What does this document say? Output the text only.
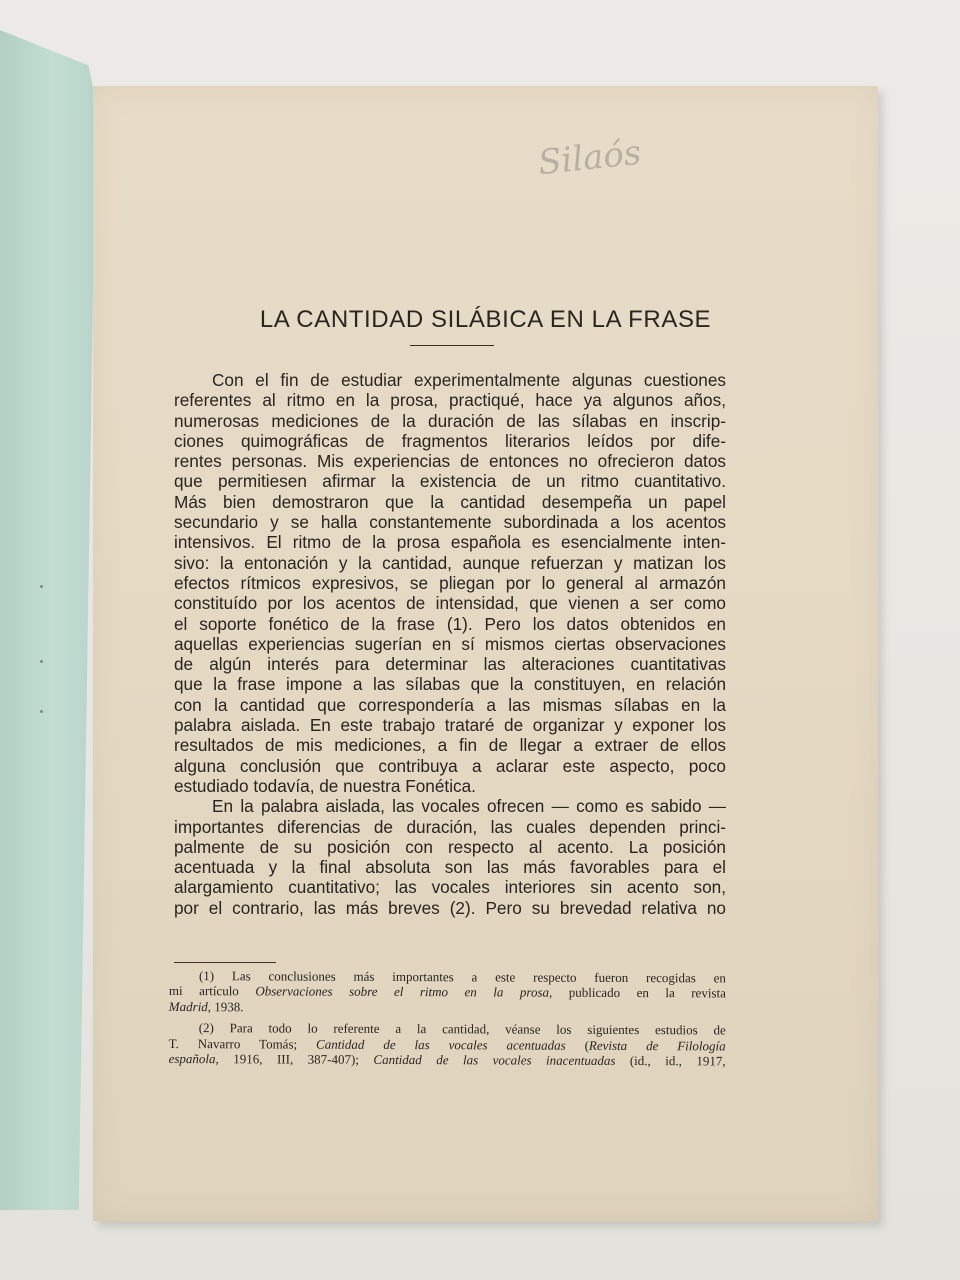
Silaós
LA CANTIDAD SILÁBICA EN LA FRASE
Con el fin de estudiar experimentalmente algunas cuestiones
referentes al ritmo en la prosa, practiqué, hace ya algunos años,
numerosas mediciones de la duración de las sílabas en inscrip-
ciones quimográficas de fragmentos literarios leídos por dife-
rentes personas. Mis experiencias de entonces no ofrecieron datos
que permitiesen afirmar la existencia de un ritmo cuantitativo.
Más bien demostraron que la cantidad desempeña un papel
secundario y se halla constantemente subordinada a los acentos
intensivos. El ritmo de la prosa española es esencialmente inten-
sivo: la entonación y la cantidad, aunque refuerzan y matizan los
efectos rítmicos expresivos, se pliegan por lo general al armazón
constituído por los acentos de intensidad, que vienen a ser como
el soporte fonético de la frase (1). Pero los datos obtenidos en
aquellas experiencias sugerían en sí mismos ciertas observaciones
de algún interés para determinar las alteraciones cuantitativas
que la frase impone a las sílabas que la constituyen, en relación
con la cantidad que correspondería a las mismas sílabas en la
palabra aislada. En este trabajo trataré de organizar y exponer los
resultados de mis mediciones, a fin de llegar a extraer de ellos
alguna conclusión que contribuya a aclarar este aspecto, poco
estudiado todavía, de nuestra Fonética.
En la palabra aislada, las vocales ofrecen — como es sabido —
importantes diferencias de duración, las cuales dependen princi-
palmente de su posición con respecto al acento. La posición
acentuada y la final absoluta son las más favorables para el
alargamiento cuantitativo; las vocales interiores sin acento son,
por el contrario, las más breves (2). Pero su brevedad relativa no
(1) Las conclusiones más importantes a este respecto fueron recogidas en
mi artículo Observaciones sobre el ritmo en la prosa, publicado en la revista
Madrid, 1938.
(2) Para todo lo referente a la cantidad, véanse los siguientes estudios de
T. Navarro Tomás; Cantidad de las vocales acentuadas (Revista de Filología
española, 1916, III, 387-407); Cantidad de las vocales inacentuadas (id., id., 1917,
